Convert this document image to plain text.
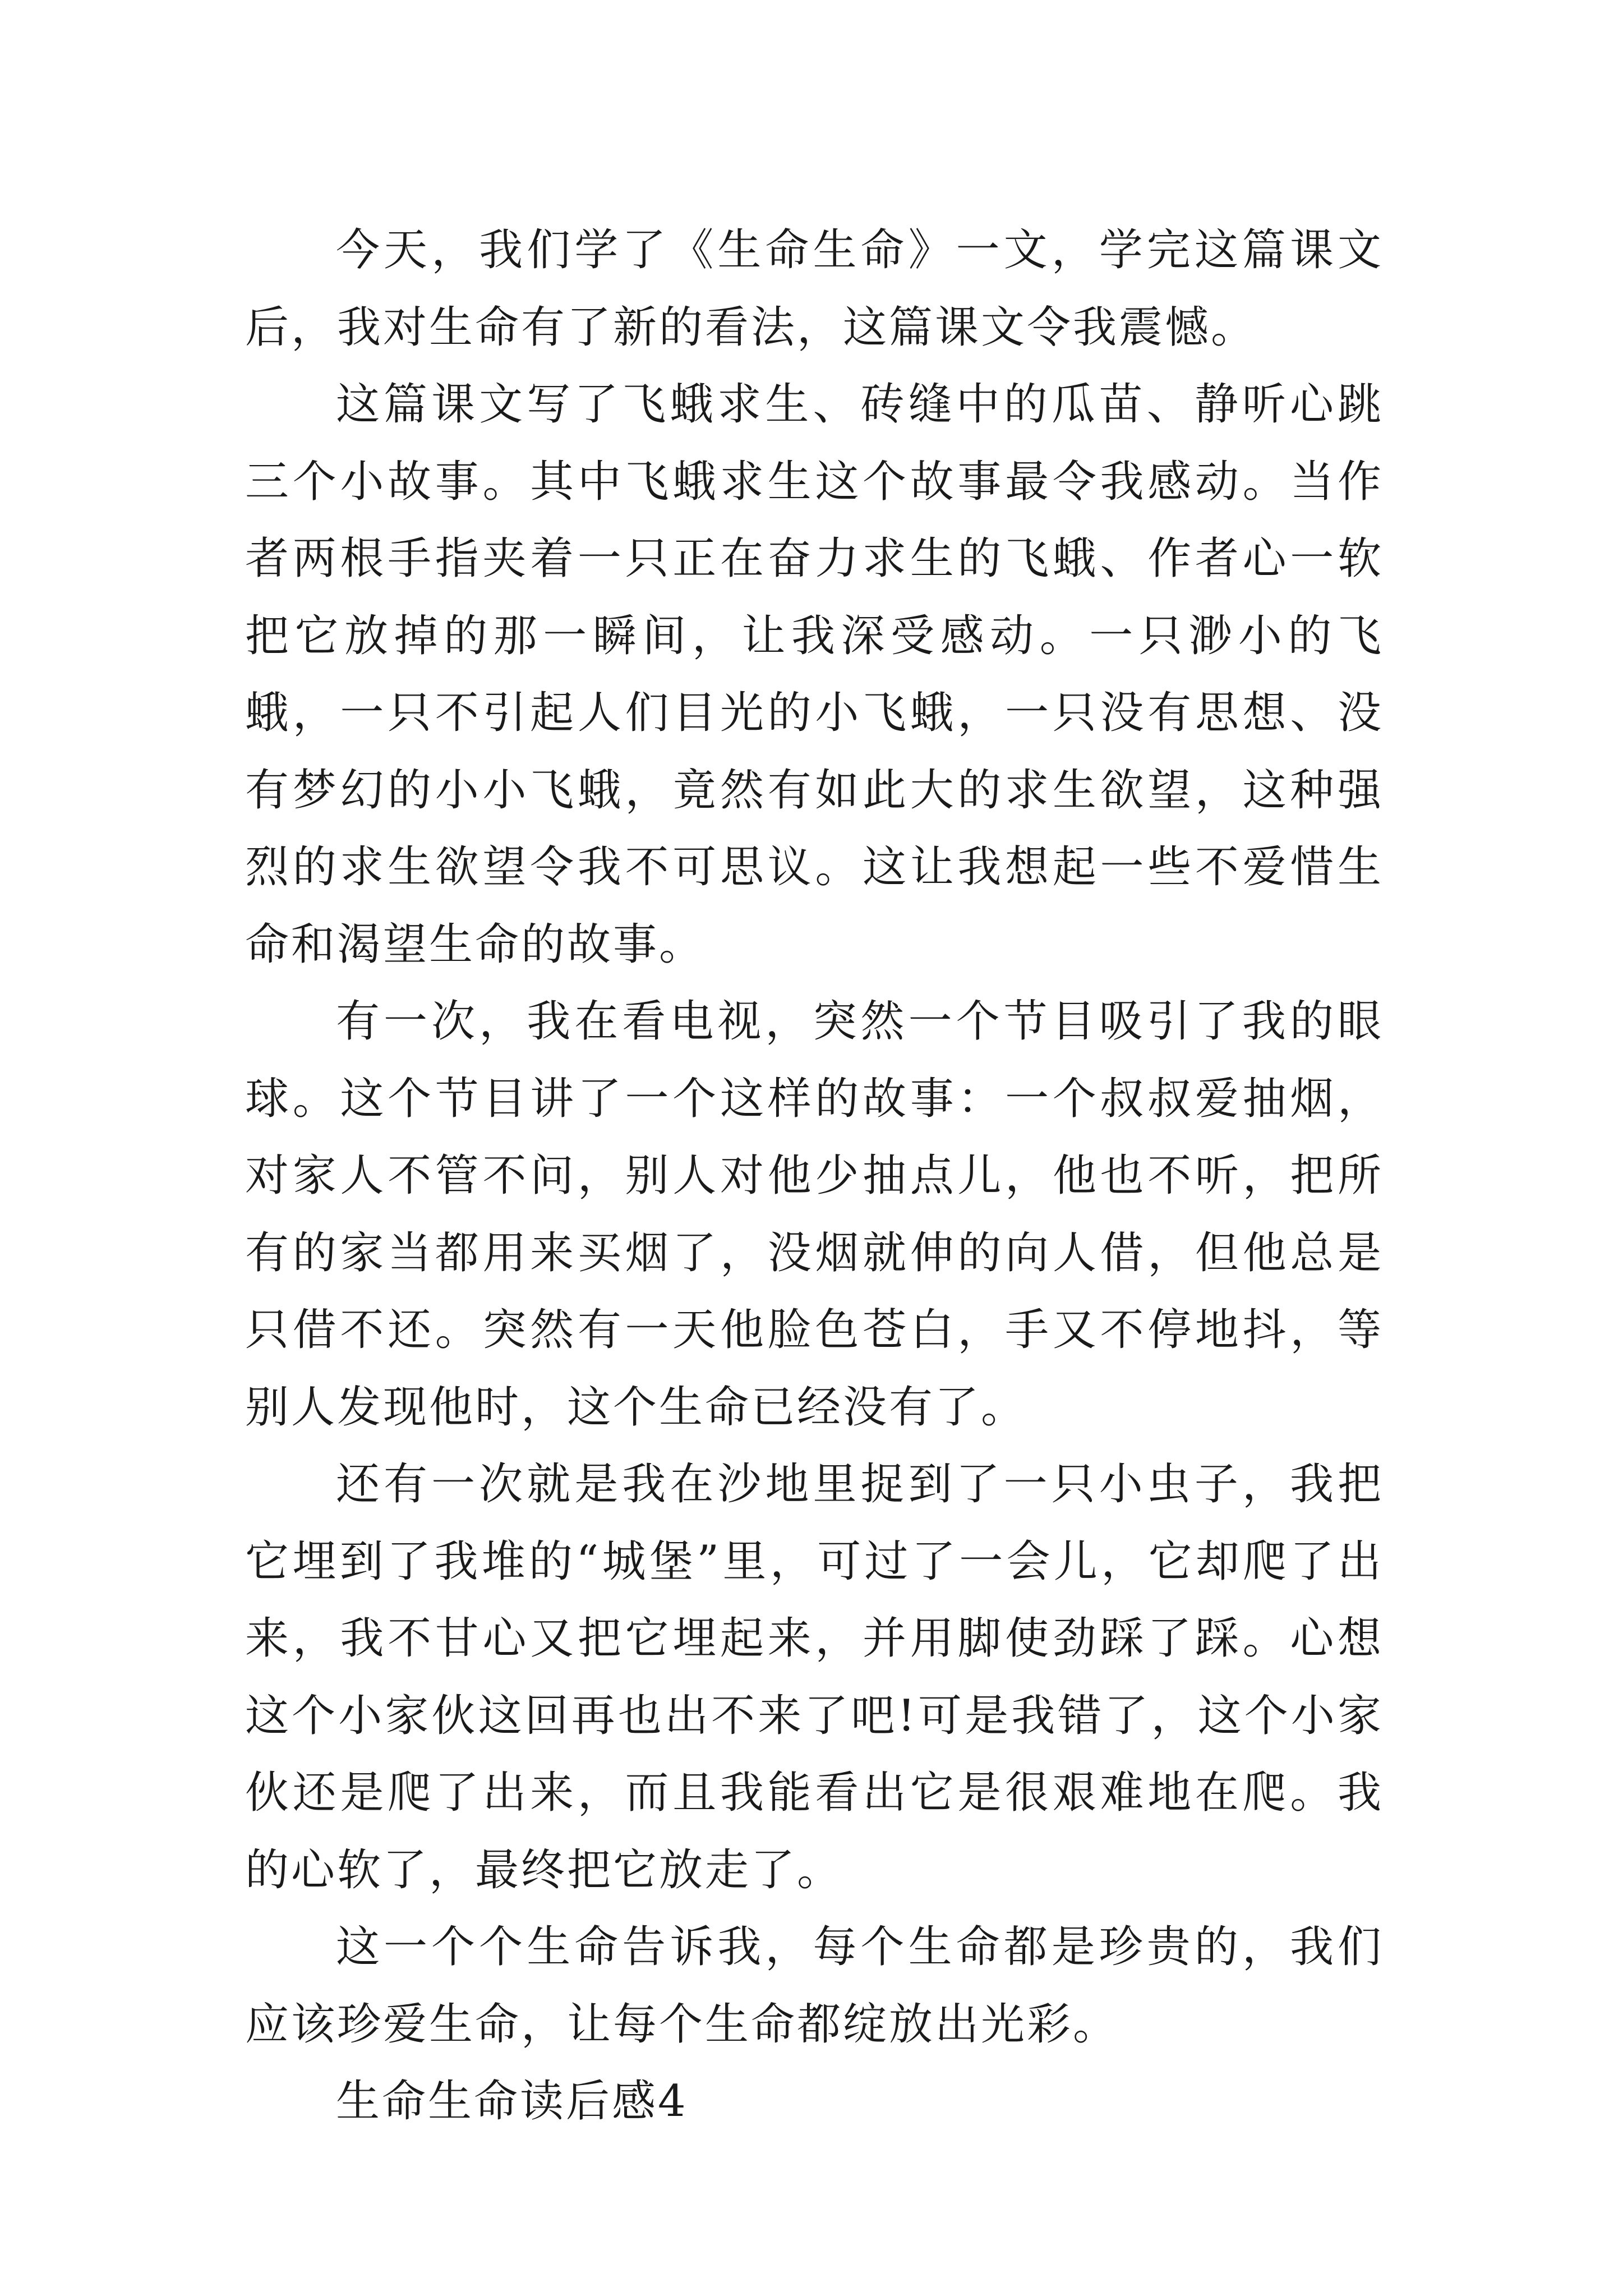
今天，我们学了《生命生命》一文，学完这篇课文后，我对生命有了新的看法，这篇课文令我震憾。

这篇课文写了飞蛾求生、砖缝中的瓜苗、静听心跳三个小故事。其中飞蛾求生这个故事最令我感动。当作者两根手指夹着一只正在奋力求生的飞蛾、作者心一软把它放掉的那一瞬间，让我深受感动。一只渺小的飞蛾，一只不引起人们目光的小飞蛾，一只没有思想、没有梦幻的小小飞蛾，竟然有如此大的求生欲望，这种强烈的求生欲望令我不可思议。这让我想起一些不爱惜生命和渴望生命的故事。

有一次，我在看电视，突然一个节目吸引了我的眼球。这个节目讲了一个这样的故事：一个叔叔爱抽烟，对家人不管不问，别人对他少抽点儿，他也不听，把所有的家当都用来买烟了，没烟就伸的向人借，但他总是只借不还。突然有一天他脸色苍白，手又不停地抖，等别人发现他时，这个生命已经没有了。

还有一次就是我在沙地里捉到了一只小虫子，我把它埋到了我堆的“城堡”里，可过了一会儿，它却爬了出来，我不甘心又把它埋起来，并用脚使劲踩了踩。心想这个小家伙这回再也出不来了吧!可是我错了，这个小家伙还是爬了出来，而且我能看出它是很艰难地在爬。我的心软了，最终把它放走了。

这一个个生命告诉我，每个生命都是珍贵的，我们应该珍爱生命，让每个生命都绽放出光彩。

生命生命读后感4
